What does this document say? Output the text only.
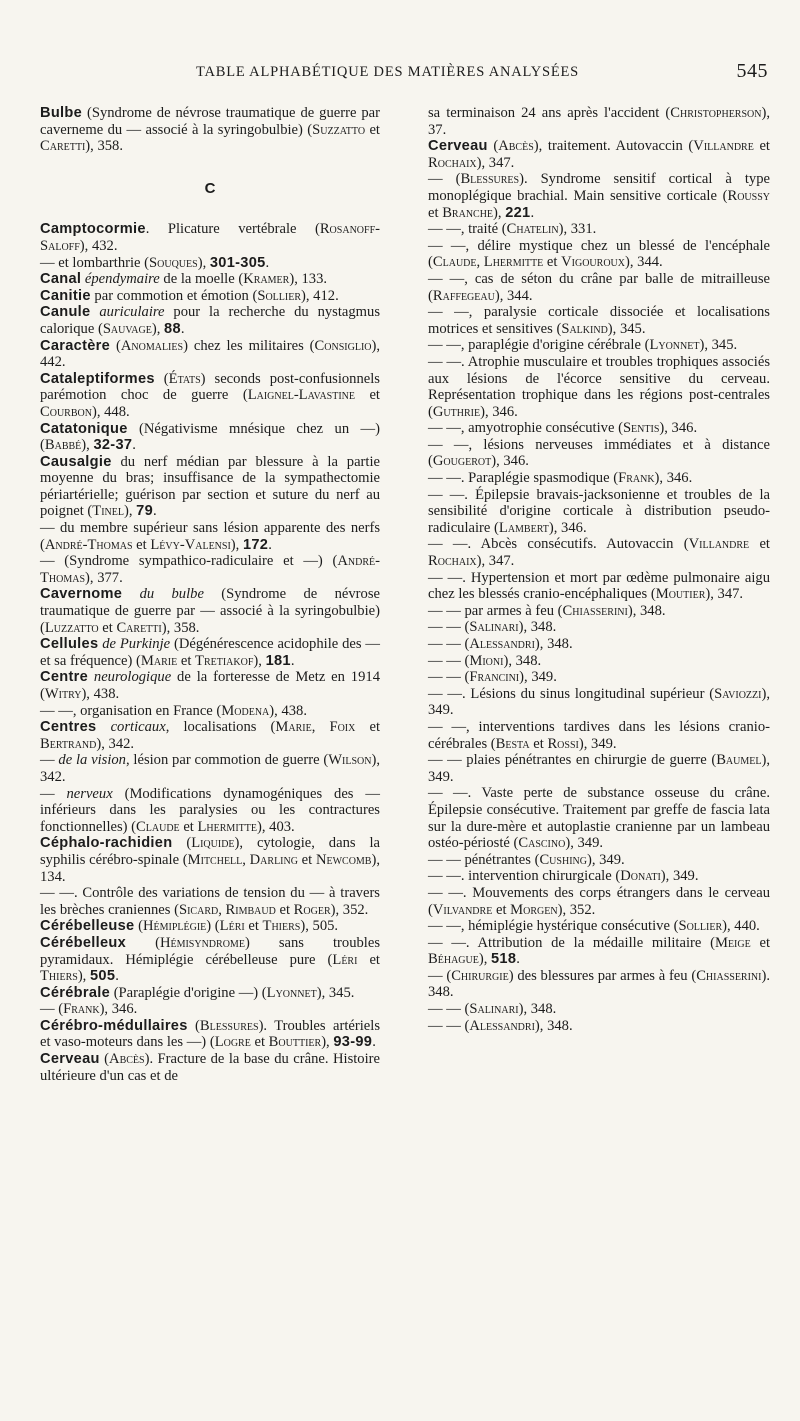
TABLE ALPHABÉTIQUE DES MATIÈRES ANALYSÉES	545

Bulbe (Syndrome de névrose traumatique de guerre par caverneme du — associé à la syringobulbie) (Suzzatto et Caretti), 358.

C

Camptocormie. Plicature vertébrale (Rosanoff-Saloff), 432.

— et lombarthrie (Souques), 301-305.

Canal épendymaire de la moelle (Kramer), 133.

Canitie par commotion et émotion (Sollier), 412.

Canule auriculaire pour la recherche du nystagmus calorique (Sauvage), 88.

Caractère (Anomalies) chez les militaires (Consiglio), 442.

Cataleptiformes (États) seconds post-confusionnels parémotion choc de guerre (Laignel-Lavastine et Courbon), 448.

Catatonique (Négativisme mnésique chez un —) (Babbé), 32-37.

Causalgie du nerf médian par blessure à la partie moyenne du bras; insuffisance de la sympathectomie périartérielle; guérison par section et suture du nerf au poignet (Tinel), 79.

— du membre supérieur sans lésion apparente des nerfs (André-Thomas et Lévy-Valensi), 172.

— (Syndrome sympathico-radiculaire et —) (André-Thomas), 377.

Cavernome du bulbe (Syndrome de névrose traumatique de guerre par — associé à la syringobulbie) (Luzzatto et Caretti), 358.

Cellules de Purkinje (Dégénérescence acidophile des — et sa fréquence) (Marie et Tretiakof), 181.

Centre neurologique de la forteresse de Metz en 1914 (Witry), 438.

— —, organisation en France (Modena), 438.

Centres corticaux, localisations (Marie, Foix et Bertrand), 342.

— de la vision, lésion par commotion de guerre (Wilson), 342.

— nerveux (Modifications dynamogéniques des — inférieurs dans les paralysies ou les contractures fonctionnelles) (Claude et Lhermitte), 403.

Céphalo-rachidien (Liquide), cytologie, dans la syphilis cérébro-spinale (Mitchell, Darling et Newcomb), 134.

— —. Contrôle des variations de tension du — à travers les brèches craniennes (Sicard, Rimbaud et Roger), 352.

Cérébelleuse (Hémiplégie) (Léri et Thiers), 505.

Cérébelleux (Hémisyndrome) sans troubles pyramidaux. Hémiplégie cérébelleuse pure (Léri et Thiers), 505.

Cérébrale (Paraplégie d'origine —) (Lyonnet), 345.

— (Frank), 346.

Cérébro-médullaires (Blessures). Troubles artériels et vaso-moteurs dans les —) (Logre et Bouttier), 93-99.

Cerveau (Abcès). Fracture de la base du crâne. Histoire ultérieure d'un cas et de

sa terminaison 24 ans après l'accident (Christopherson), 37.

Cerveau (Abcès), traitement. Autovaccin (Villandre et Rochaix), 347.

— (Blessures). Syndrome sensitif cortical à type monoplégique brachial. Main sensitive corticale (Roussy et Branche), 221.

— —, traité (Chatelin), 331.

— —, délire mystique chez un blessé de l'encéphale (Claude, Lhermitte et Vigouroux), 344.

— —, cas de séton du crâne par balle de mitrailleuse (Raffegeau), 344.

— —, paralysie corticale dissociée et localisations motrices et sensitives (Salkind), 345.

— —, paraplégie d'origine cérébrale (Lyonnet), 345.

— —. Atrophie musculaire et troubles trophiques associés aux lésions de l'écorce sensitive du cerveau. Représentation trophique dans les régions post-centrales (Guthrie), 346.

— —, amyotrophie consécutive (Sentis), 346.

— —, lésions nerveuses immédiates et à distance (Gougerot), 346.

— —. Paraplégie spasmodique (Frank), 346.

— —. Épilepsie bravais-jacksonienne et troubles de la sensibilité d'origine corticale à distribution pseudo-radiculaire (Lambert), 346.

— —. Abcès consécutifs. Autovaccin (Villandre et Rochaix), 347.

— —. Hypertension et mort par œdème pulmonaire aigu chez les blessés cranio-encéphaliques (Moutier), 347.

— — par armes à feu (Chiasserini), 348.

— — (Salinari), 348.

— — (Alessandri), 348.

— — (Mioni), 348.

— — (Francini), 349.

— —. Lésions du sinus longitudinal supérieur (Saviozzi), 349.

— —, interventions tardives dans les lésions cranio-cérébrales (Besta et Rossi), 349.

— — plaies pénétrantes en chirurgie de guerre (Baumel), 349.

— —. Vaste perte de substance osseuse du crâne. Épilepsie consécutive. Traitement par greffe de fascia lata sur la dure-mère et autoplastie cranienne par un lambeau ostéo-périosté (Cascino), 349.

— — pénétrantes (Cushing), 349.

— —. intervention chirurgicale (Donati), 349.

— —. Mouvements des corps étrangers dans le cerveau (Vilvandre et Morgen), 352.

— —, hémiplégie hystérique consécutive (Sollier), 440.

— —. Attribution de la médaille militaire (Meige et Béhague), 518.

— (Chirurgie) des blessures par armes à feu (Chiasserini). 348.

— — (Salinari), 348.

— — (Alessandri), 348.
